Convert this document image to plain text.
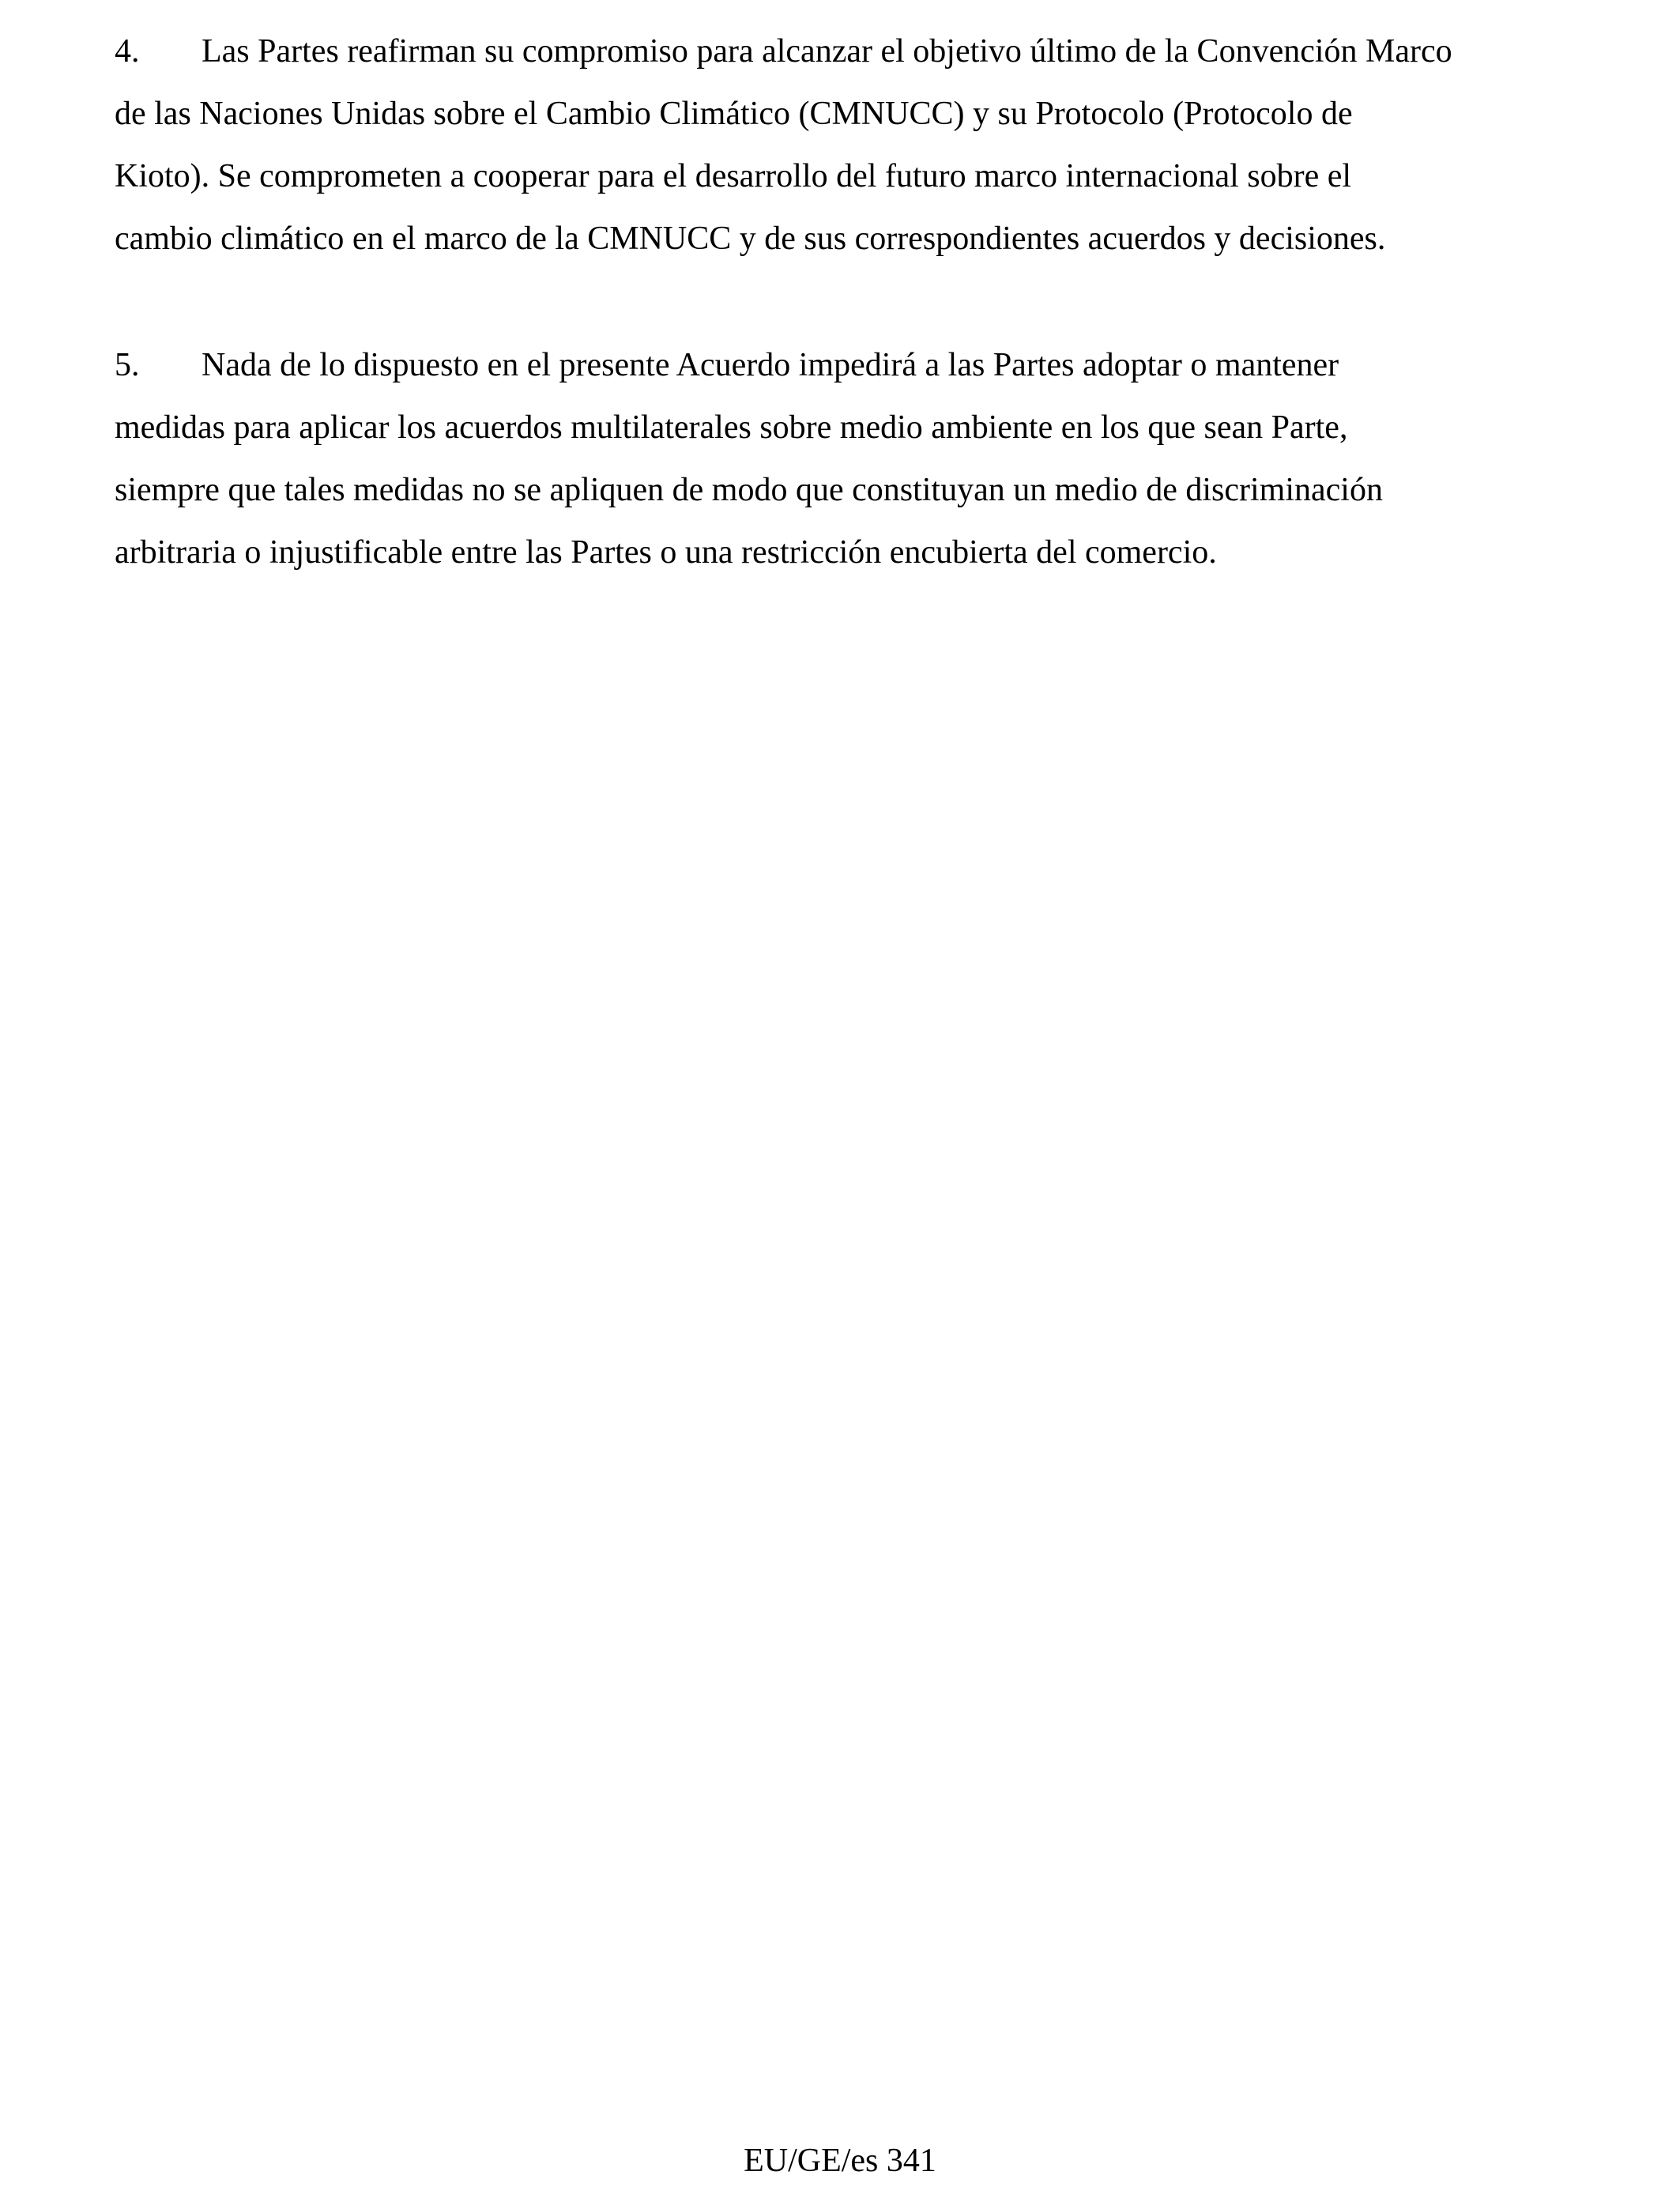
4. Las Partes reafirman su compromiso para alcanzar el objetivo último de la Convención Marco
de las Naciones Unidas sobre el Cambio Climático (CMNUCC) y su Protocolo (Protocolo de
Kioto). Se comprometen a cooperar para el desarrollo del futuro marco internacional sobre el
cambio climático en el marco de la CMNUCC y de sus correspondientes acuerdos y decisiones.
5. Nada de lo dispuesto en el presente Acuerdo impedirá a las Partes adoptar o mantener
medidas para aplicar los acuerdos multilaterales sobre medio ambiente en los que sean Parte,
siempre que tales medidas no se apliquen de modo que constituyan un medio de discriminación
arbitraria o injustificable entre las Partes o una restricción encubierta del comercio.
EU/GE/es 341
